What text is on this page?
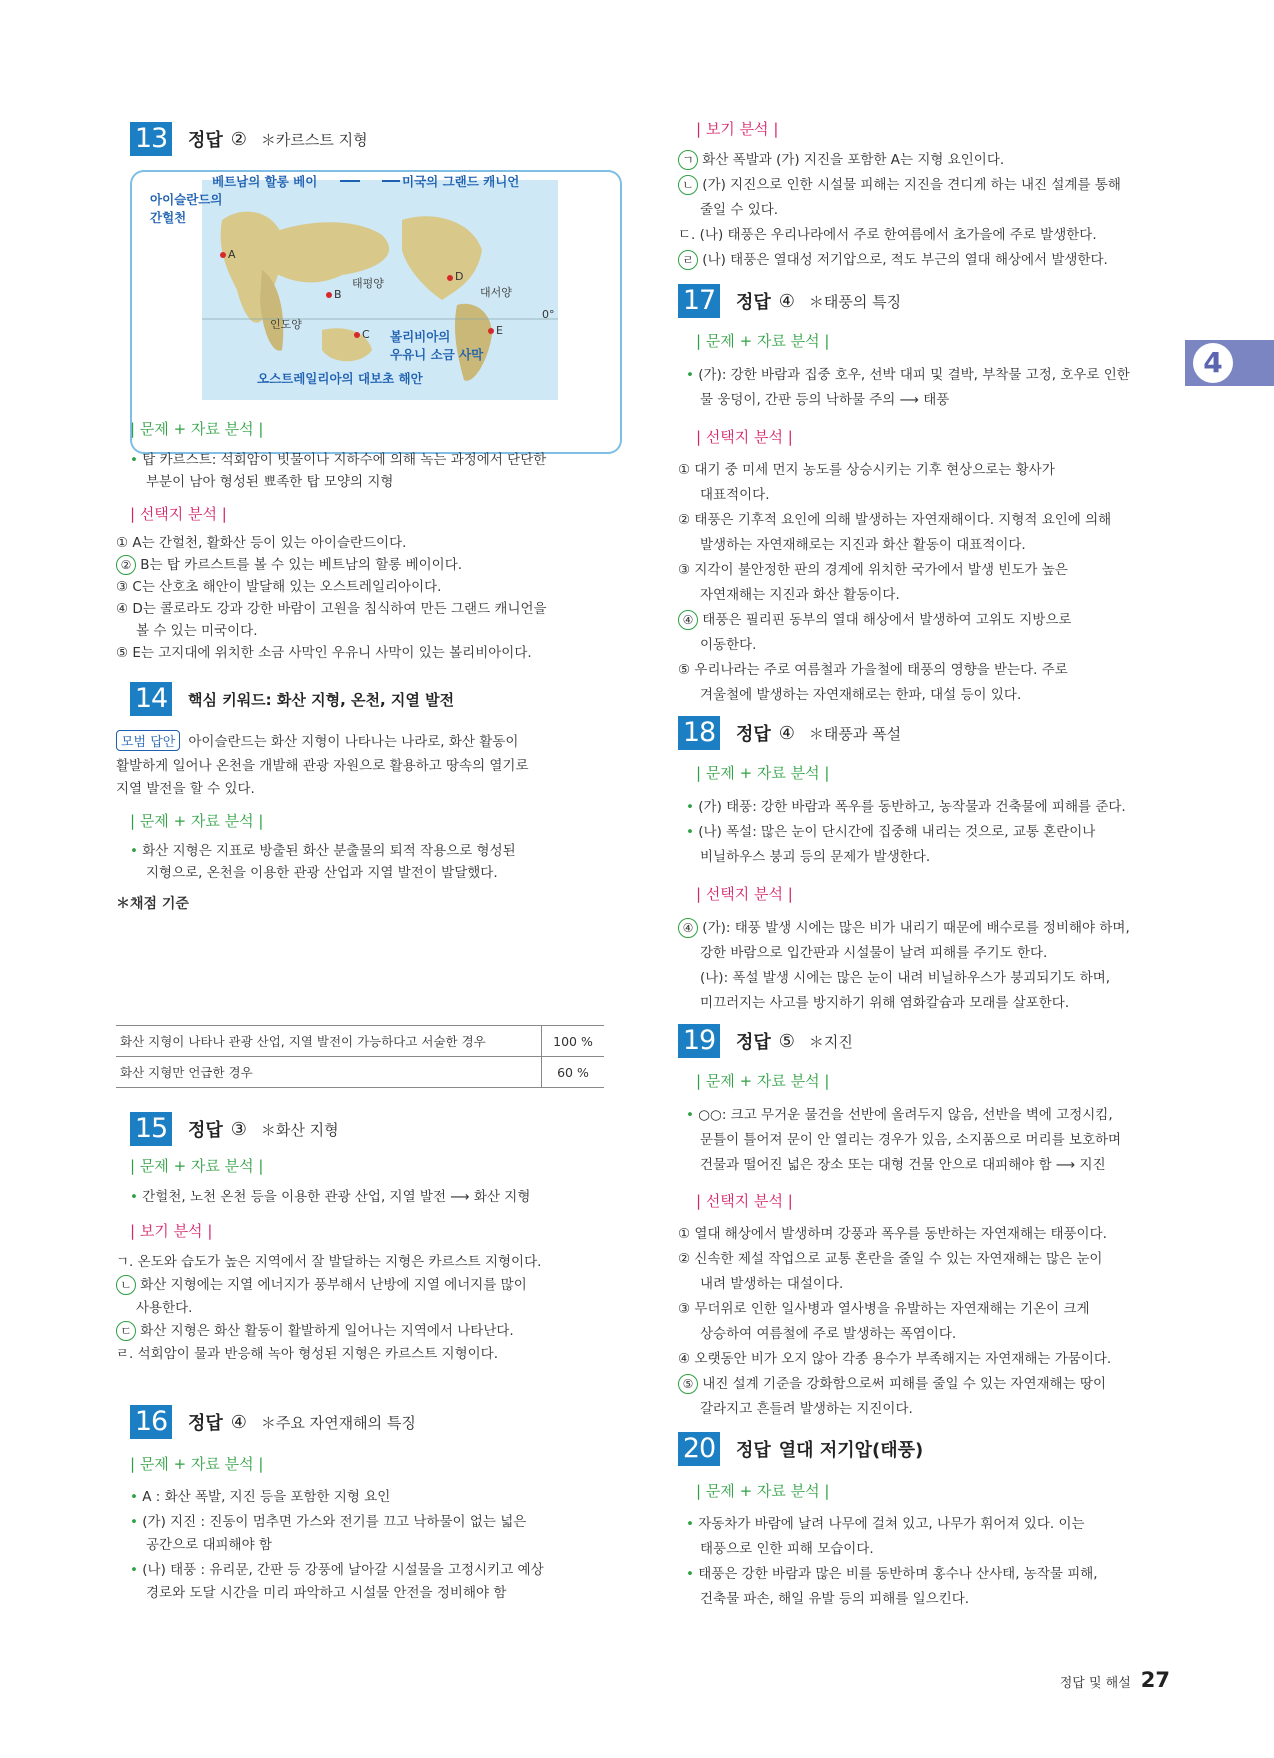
13 정답 ② ＊카르스트 지형
태평양
대서양
인도양
0°
A
B
C
D
E
베트남의 할롱 베이	미국의 그랜드 캐니언
아이슬란드의
간헐천
볼리비아의
우유니 소금 사막
오스트레일리아의 대보초 해안
| 문제 + 자료 분석 |
• 탑 카르스트: 석회암이 빗물이나 지하수에 의해 녹는 과정에서 단단한
부분이 남아 형성된 뾰족한 탑 모양의 지형
| 선택지 분석 |
① A는 간헐천, 활화산 등이 있는 아이슬란드이다.
② B는 탑 카르스트를 볼 수 있는 베트남의 할롱 베이이다.
③ C는 산호초 해안이 발달해 있는 오스트레일리아이다.
④ D는 콜로라도 강과 강한 바람이 고원을 침식하여 만든 그랜드 캐니언을
볼 수 있는 미국이다.
⑤ E는 고지대에 위치한 소금 사막인 우유니 사막이 있는 볼리비아이다.
14	핵심 키워드: 화산 지형, 온천, 지열 발전
모범 답안 아이슬란드는 화산 지형이 나타나는 나라로, 화산 활동이
활발하게 일어나 온천을 개발해 관광 자원으로 활용하고 땅속의 열기로
지열 발전을 할 수 있다.
| 문제 + 자료 분석 |
• 화산 지형은 지표로 방출된 화산 분출물의 퇴적 작용으로 형성된
지형으로, 온천을 이용한 관광 산업과 지열 발전이 발달했다.
＊채점 기준
화산 지형이 나타나 관광 산업, 지열 발전이 가능하다고 서술한 경우	100 %
화산 지형만 언급한 경우	60 %
15 정답 ③ ＊화산 지형
| 문제 + 자료 분석 |
• 간헐천, 노천 온천 등을 이용한 관광 산업, 지열 발전 ⟶ 화산 지형
| 보기 분석 |
ㄱ. 온도와 습도가 높은 지역에서 잘 발달하는 지형은 카르스트 지형이다.
ㄴ 화산 지형에는 지열 에너지가 풍부해서 난방에 지열 에너지를 많이
사용한다.
ㄷ 화산 지형은 화산 활동이 활발하게 일어나는 지역에서 나타난다.
ㄹ. 석회암이 물과 반응해 녹아 형성된 지형은 카르스트 지형이다.
16 정답 ④ ＊주요 자연재해의 특징
| 문제 + 자료 분석 |
• A : 화산 폭발, 지진 등을 포함한 지형 요인
• (가) 지진 : 진동이 멈추면 가스와 전기를 끄고 낙하물이 없는 넓은
공간으로 대피해야 함
• (나) 태풍 : 유리문, 간판 등 강풍에 날아갈 시설물을 고정시키고 예상
경로와 도달 시간을 미리 파악하고 시설물 안전을 정비해야 함
| 보기 분석 |
ㄱ 화산 폭발과 (가) 지진을 포함한 A는 지형 요인이다.
ㄴ (가) 지진으로 인한 시설물 피해는 지진을 견디게 하는 내진 설계를 통해
줄일 수 있다.
ㄷ. (나) 태풍은 우리나라에서 주로 한여름에서 초가을에 주로 발생한다.
ㄹ (나) 태풍은 열대성 저기압으로, 적도 부근의 열대 해상에서 발생한다.
17 정답 ④ ＊태풍의 특징
| 문제 + 자료 분석 |
• (가): 강한 바람과 집중 호우, 선박 대피 및 결박, 부착물 고정, 호우로 인한
물 웅덩이, 간판 등의 낙하물 주의 ⟶ 태풍
| 선택지 분석 |
① 대기 중 미세 먼지 농도를 상승시키는 기후 현상으로는 황사가
대표적이다.
② 태풍은 기후적 요인에 의해 발생하는 자연재해이다. 지형적 요인에 의해
발생하는 자연재해로는 지진과 화산 활동이 대표적이다.
③ 지각이 불안정한 판의 경계에 위치한 국가에서 발생 빈도가 높은
자연재해는 지진과 화산 활동이다.
④ 태풍은 필리핀 동부의 열대 해상에서 발생하여 고위도 지방으로
이동한다.
⑤ 우리나라는 주로 여름철과 가을철에 태풍의 영향을 받는다. 주로
겨울철에 발생하는 자연재해로는 한파, 대설 등이 있다.
18 정답 ④ ＊태풍과 폭설
| 문제 + 자료 분석 |
• (가) 태풍: 강한 바람과 폭우를 동반하고, 농작물과 건축물에 피해를 준다.
• (나) 폭설: 많은 눈이 단시간에 집중해 내리는 것으로, 교통 혼란이나
비닐하우스 붕괴 등의 문제가 발생한다.
| 선택지 분석 |
④ (가): 태풍 발생 시에는 많은 비가 내리기 때문에 배수로를 정비해야 하며,
강한 바람으로 입간판과 시설물이 날려 피해를 주기도 한다.
(나): 폭설 발생 시에는 많은 눈이 내려 비닐하우스가 붕괴되기도 하며,
미끄러지는 사고를 방지하기 위해 염화칼슘과 모래를 살포한다.
19 정답 ⑤ ＊지진
| 문제 + 자료 분석 |
• ○○: 크고 무거운 물건을 선반에 올려두지 않음, 선반을 벽에 고정시킴,
문틀이 틀어져 문이 안 열리는 경우가 있음, 소지품으로 머리를 보호하며
건물과 떨어진 넓은 장소 또는 대형 건물 안으로 대피해야 함 ⟶ 지진
| 선택지 분석 |
① 열대 해상에서 발생하며 강풍과 폭우를 동반하는 자연재해는 태풍이다.
② 신속한 제설 작업으로 교통 혼란을 줄일 수 있는 자연재해는 많은 눈이
내려 발생하는 대설이다.
③ 무더위로 인한 일사병과 열사병을 유발하는 자연재해는 기온이 크게
상승하여 여름철에 주로 발생하는 폭염이다.
④ 오랫동안 비가 오지 않아 각종 용수가 부족해지는 자연재해는 가뭄이다.
⑤ 내진 설계 기준을 강화함으로써 피해를 줄일 수 있는 자연재해는 땅이
갈라지고 흔들려 발생하는 지진이다.
20 정답 열대 저기압(태풍)
| 문제 + 자료 분석 |
• 자동차가 바람에 날려 나무에 걸쳐 있고, 나무가 휘어져 있다. 이는
태풍으로 인한 피해 모습이다.
• 태풍은 강한 바람과 많은 비를 동반하며 홍수나 산사태, 농작물 피해,
건축물 파손, 해일 유발 등의 피해를 일으킨다.
4
정답 및 해설 27
